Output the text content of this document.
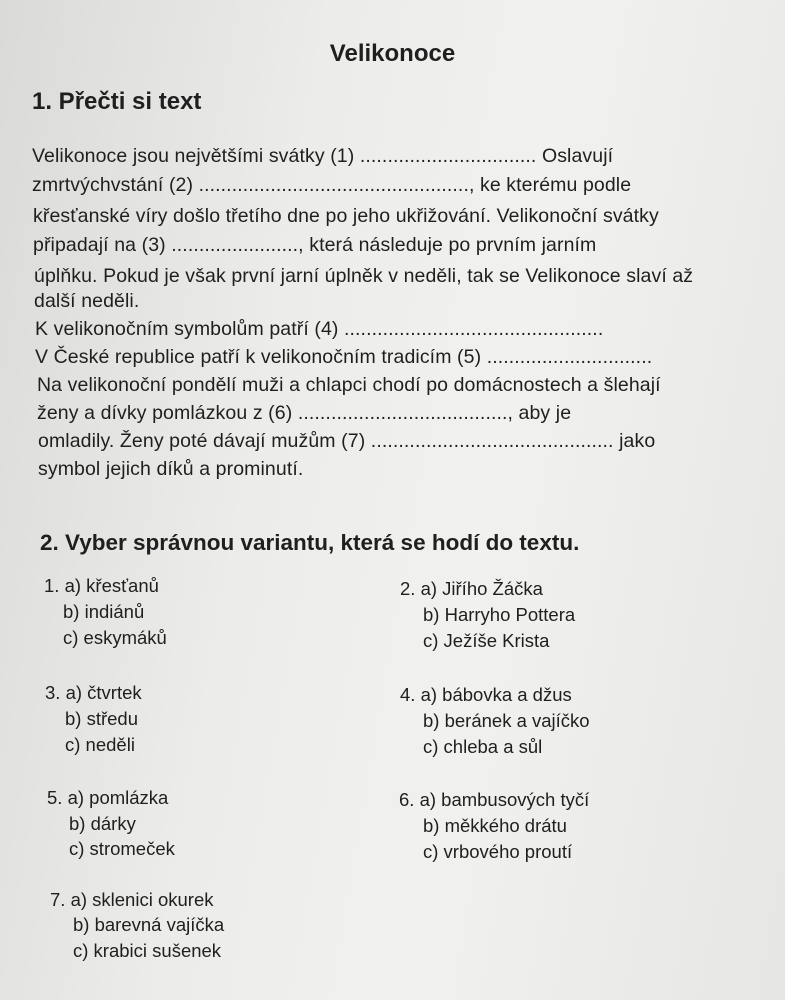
Velikonoce
1. Přečti si text
Velikonoce jsou největšími svátky (1) ................................ Oslavují
zmrtvýchvstání (2) ................................................., ke kterému podle
křesťanské víry došlo třetího dne po jeho ukřižování. Velikonoční svátky
připadají na (3) ......................., která následuje po prvním jarním
úplňku. Pokud je však první jarní úplněk v neděli, tak se Velikonoce slaví až
další neděli.
K velikonočním symbolům patří (4) ...............................................
V České republice patří k velikonočním tradicím (5) ..............................
Na velikonoční pondělí muži a chlapci chodí po domácnostech a šlehají
ženy a dívky pomlázkou z (6) ......................................, aby je
omladily. Ženy poté dávají mužům (7) ............................................ jako
symbol jejich díků a prominutí.
2. Vyber správnou variantu, která se hodí do textu.
1. a) křesťanů
b) indiánů
c) eskymáků
2. a) Jiřího Žáčka
b) Harryho Pottera
c) Ježíše Krista
3. a) čtvrtek
b) středu
c) neděli
4. a) bábovka a džus
b) beránek a vajíčko
c) chleba a sůl
5. a) pomlázka
b) dárky
c) stromeček
6. a) bambusových tyčí
b) měkkého drátu
c) vrbového proutí
7. a) sklenici okurek
b) barevná vajíčka
c) krabici sušenek
